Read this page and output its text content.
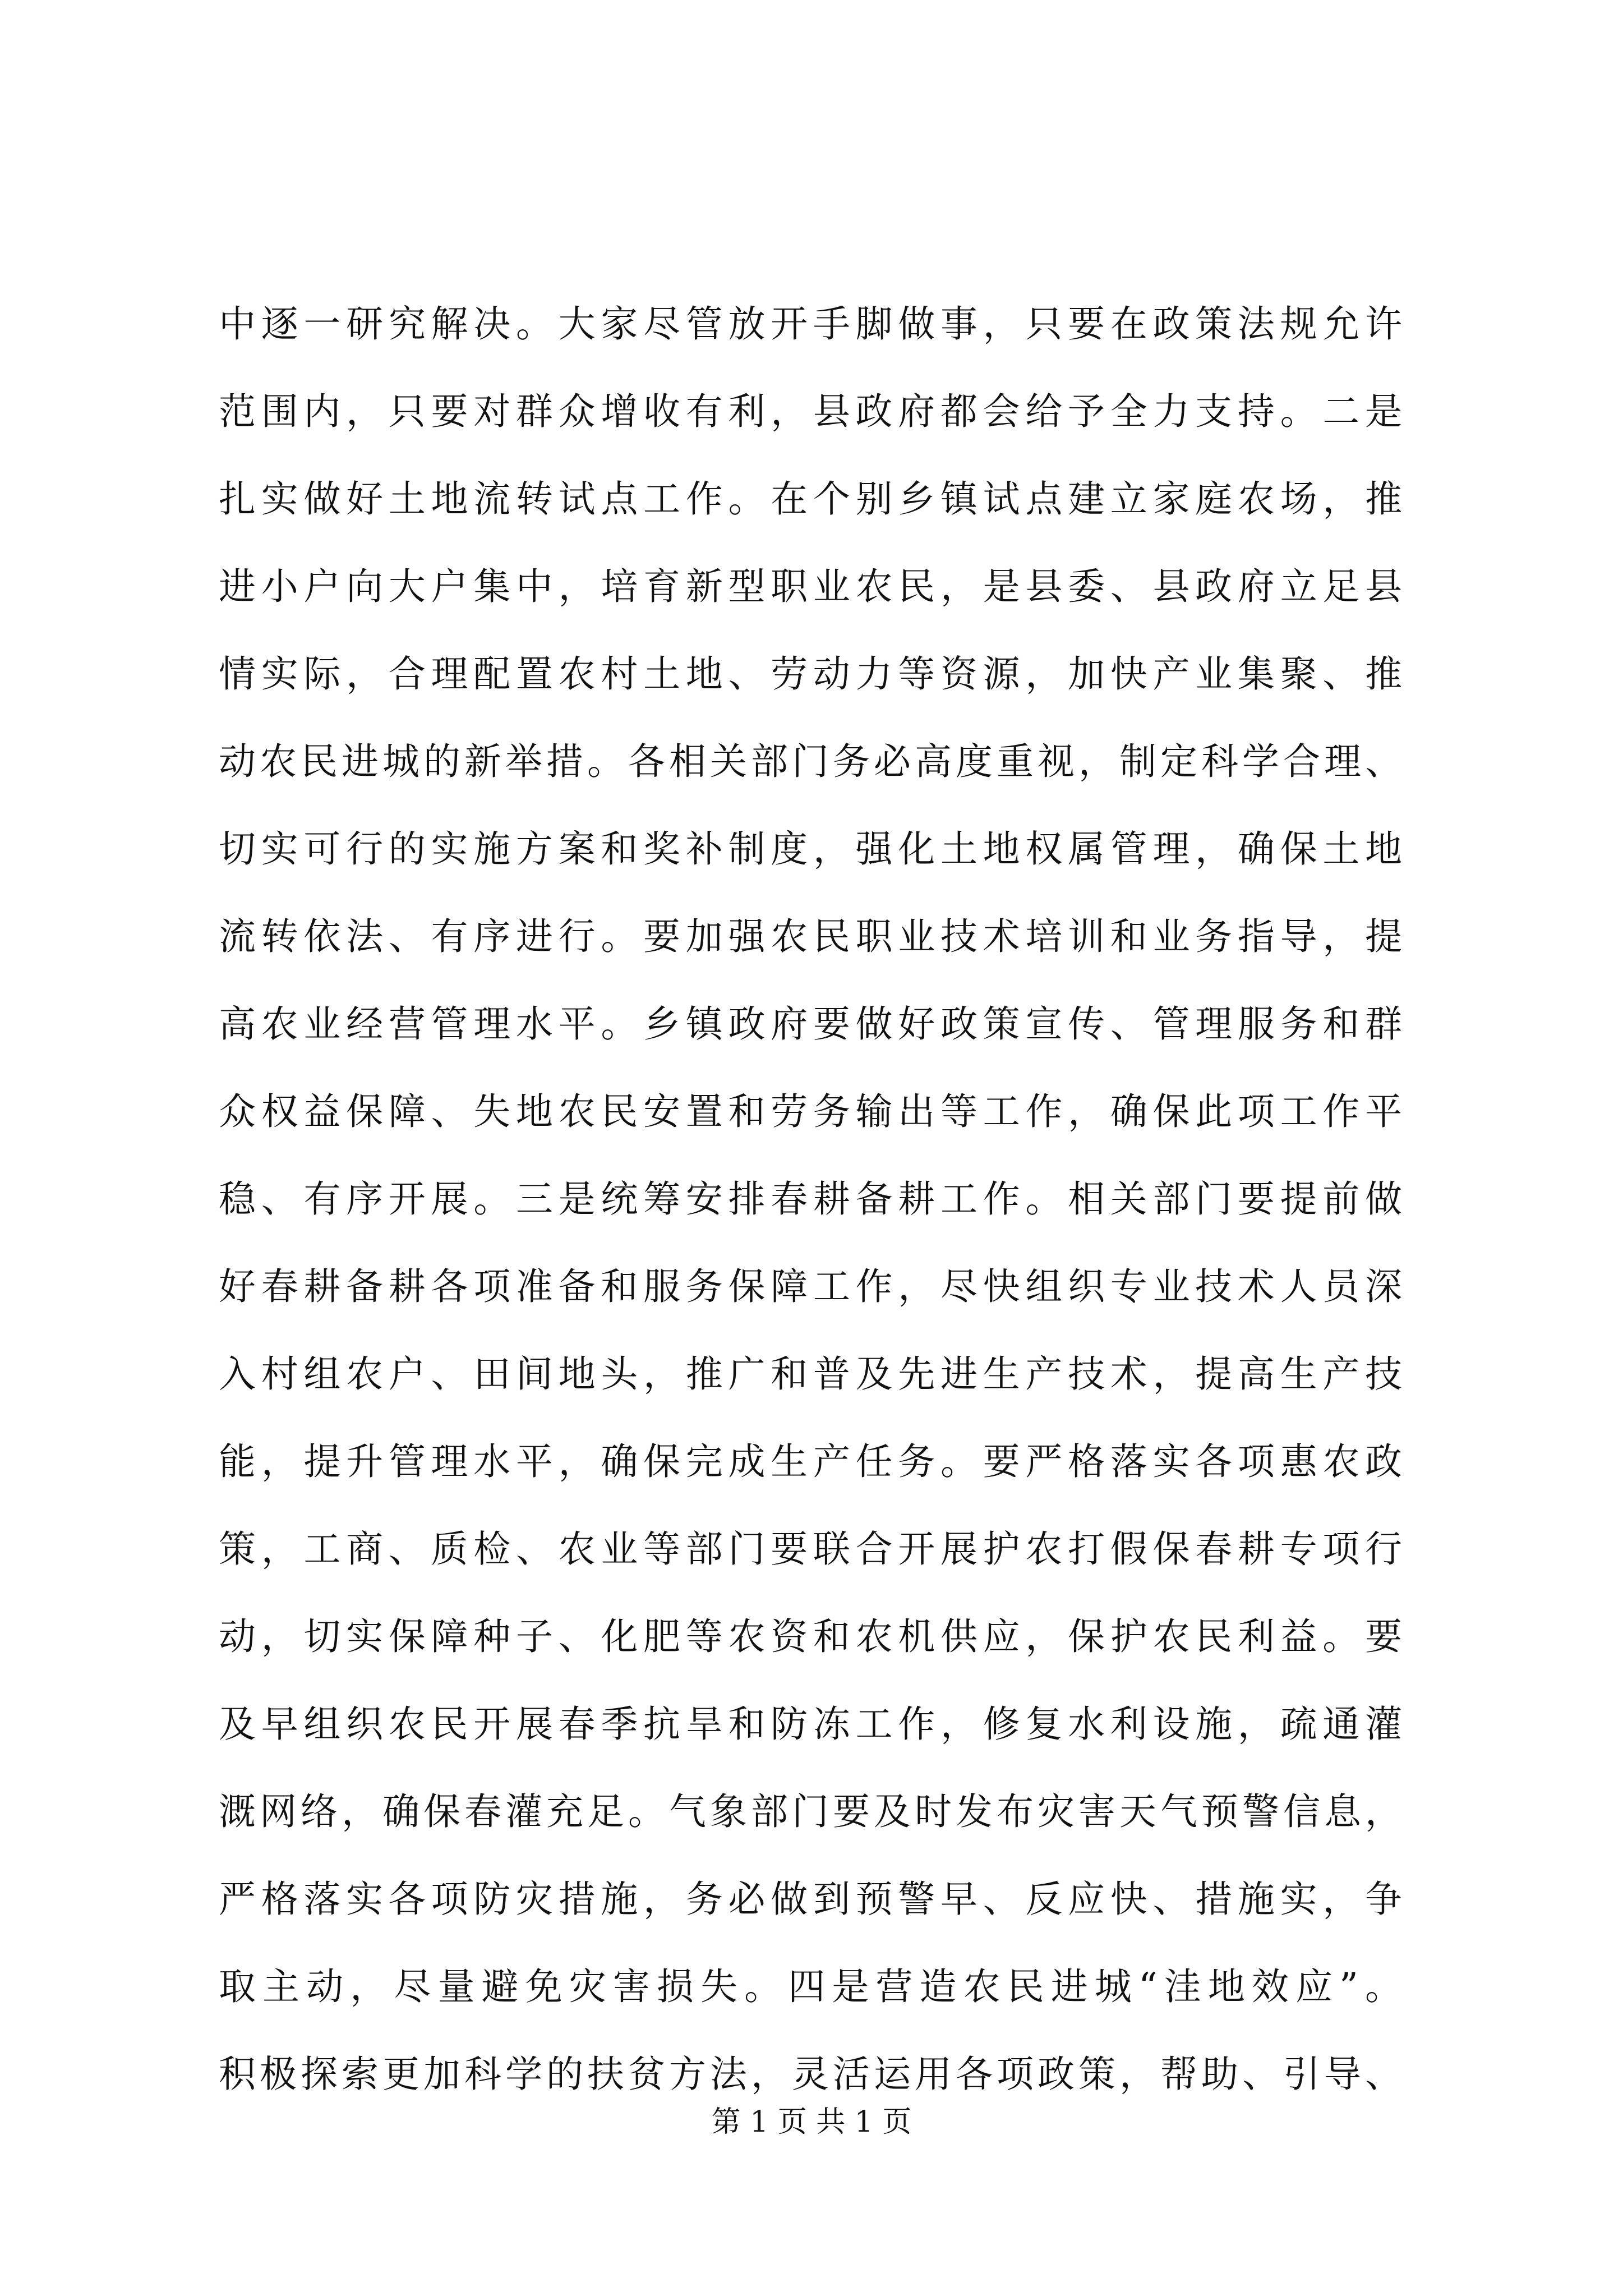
中逐一研究解决。大家尽管放开手脚做事，只要在政策法规允许
范围内，只要对群众增收有利，县政府都会给予全力支持。二是
扎实做好土地流转试点工作。在个别乡镇试点建立家庭农场，推
进小户向大户集中，培育新型职业农民，是县委、县政府立足县
情实际，合理配置农村土地、劳动力等资源，加快产业集聚、推
动农民进城的新举措。各相关部门务必高度重视，制定科学合理、
切实可行的实施方案和奖补制度，强化土地权属管理，确保土地
流转依法、有序进行。要加强农民职业技术培训和业务指导，提
高农业经营管理水平。乡镇政府要做好政策宣传、管理服务和群
众权益保障、失地农民安置和劳务输出等工作，确保此项工作平
稳、有序开展。三是统筹安排春耕备耕工作。相关部门要提前做
好春耕备耕各项准备和服务保障工作，尽快组织专业技术人员深
入村组农户、田间地头，推广和普及先进生产技术，提高生产技
能，提升管理水平，确保完成生产任务。要严格落实各项惠农政
策，工商、质检、农业等部门要联合开展护农打假保春耕专项行
动，切实保障种子、化肥等农资和农机供应，保护农民利益。要
及早组织农民开展春季抗旱和防冻工作，修复水利设施，疏通灌
溉网络，确保春灌充足。气象部门要及时发布灾害天气预警信息，
严格落实各项防灾措施，务必做到预警早、反应快、措施实，争
取主动，尽量避免灾害损失。四是营造农民进城“洼地效应”。
积极探索更加科学的扶贫方法，灵活运用各项政策，帮助、引导、
第 1 页 共 1 页
